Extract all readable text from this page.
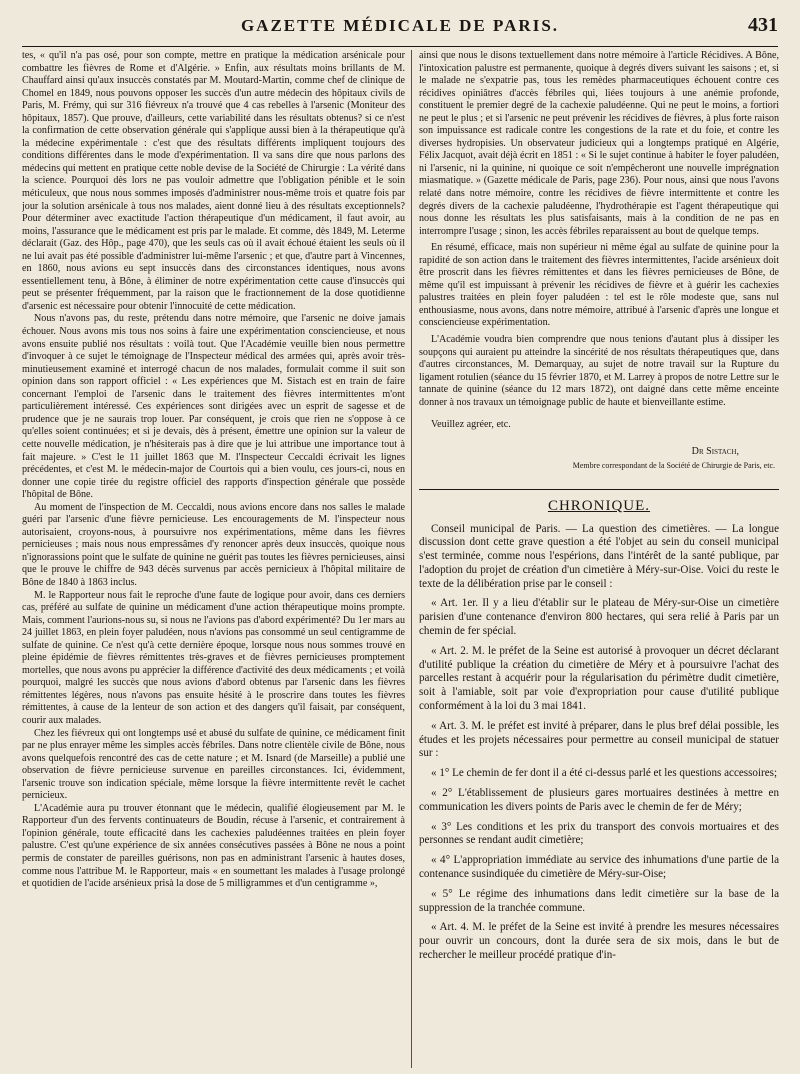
GAZETTE MÉDICALE DE PARIS.	431

tes, « qu'il n'a pas osé, pour son compte, mettre en pratique la médication arsénicale pour combattre les fièvres de Rome et d'Algérie. » Enfin, aux résultats moins brillants de M. Chauffard ainsi qu'aux insuccès constatés par M. Moutard-Martin, comme chef de clinique de Chomel en 1849, nous pouvons opposer les succès d'un autre médecin des hôpitaux civils de Paris, M. Frémy, qui sur 316 fiévreux n'a trouvé que 4 cas rebelles à l'arsenic (Moniteur des hôpitaux, 1857). Que prouve, d'ailleurs, cette variabilité dans les résultats obtenus? si ce n'est la confirmation de cette observation générale qui s'applique aussi bien à la thérapeutique qu'à la médecine expérimentale : c'est que des résultats différents impliquent toujours des conditions différentes dans le mode d'expérimentation. Il va sans dire que nous parlons des médecins qui mettent en pratique cette noble devise de la Société de Chirurgie : La vérité dans la science. Pourquoi dès lors ne pas vouloir admettre que l'obligation pénible et le soin méticuleux, que nous nous sommes imposés d'administrer nous-même trois et quatre fois par jour la solution arsénicale à tous nos malades, aient donné lieu à des résultats exceptionnels? Pour déterminer avec exactitude l'action thérapeutique d'un médicament, il faut avoir, au moins, l'assurance que le médicament est pris par le malade. Et comme, dès 1849, M. Leterme déclarait (Gaz. des Hôp., page 470), que les seuls cas où il avait échoué étaient les seuls où il ne lui avait pas été possible d'administrer lui-même l'arsenic ; et que, d'autre part à Vincennes, en 1860, nous avions eu sept insuccès dans des circonstances identiques, nous avons essentiellement tenu, à Bône, à éliminer de notre expérimentation cette cause d'insuccès qui peut se présenter fréquemment, par la raison que le fractionnement de la dose quotidienne d'arsenic est nécessaire pour obtenir l'innocuité de cette médication.

Nous n'avons pas, du reste, prétendu dans notre mémoire, que l'arsenic ne doive jamais échouer. Nous avons mis tous nos soins à faire une expérimentation consciencieuse, et nous avons ensuite publié nos résultats : voilà tout. Que l'Académie veuille bien nous permettre d'invoquer à ce sujet le témoignage de l'Inspecteur médical des armées qui, après avoir très-minutieusement examiné et interrogé chacun de nos malades, formulait comme il suit son opinion dans son rapport officiel : « Les expériences que M. Sistach est en train de faire concernant l'emploi de l'arsenic dans le traitement des fièvres intermittentes m'ont particulièrement intéressé. Ces expériences sont dirigées avec un esprit de sagesse et de prudence que je ne saurais trop louer. Par conséquent, je crois que rien ne s'oppose à ce qu'elles soient continuées; et si je devais, dès à présent, émettre une opinion sur la valeur de cette nouvelle médication, je n'hésiterais pas à dire que je lui attribue une importance tout à fait majeure. » C'est le 11 juillet 1863 que M. l'Inspecteur Ceccaldi écrivait les lignes précédentes, et c'est M. le médecin-major de Courtois qui a bien voulu, ces jours-ci, nous en donner une copie tirée du registre officiel des rapports d'inspection générale que possède l'hôpital de Bône.

Au moment de l'inspection de M. Ceccaldi, nous avions encore dans nos salles le malade guéri par l'arsenic d'une fièvre pernicieuse. Les encouragements de M. l'inspecteur nous autorisaient, croyons-nous, à poursuivre nos expérimentations, même dans les fièvres pernicieuses ; mais nous nous empressâmes d'y renoncer après deux insuccès, quoique nous n'ignorassions point que le sulfate de quinine ne guérit pas toutes les fièvres pernicieuses, ainsi que le prouve le chiffre de 943 décès survenus par accès pernicieux à l'hôpital militaire de Bône de 1840 à 1863 inclus.

M. le Rapporteur nous fait le reproche d'une faute de logique pour avoir, dans ces derniers cas, préféré au sulfate de quinine un médicament d'une action thérapeutique moins prompte. Mais, comment l'aurions-nous su, si nous ne l'avions pas d'abord expérimenté? Du 1er mars au 24 juillet 1863, en plein foyer paludéen, nous n'avions pas consommé un seul centigramme de sulfate de quinine. Ce n'est qu'à cette dernière époque, lorsque nous nous sommes trouvé en pleine épidémie de fièvres rémittentes très-graves et de fièvres pernicieuses promptement mortelles, que nous avons pu apprécier la différence d'activité des deux médicaments ; et voilà pourquoi, malgré les succès que nous avions d'abord obtenus par l'arsenic dans les fièvres rémittentes légères, nous n'avons pas ensuite hésité à le proscrire dans toutes les fièvres rémittentes, à cause de la lenteur de son action et des dangers qu'il faisait, par conséquent, courir aux malades.

Chez les fiévreux qui ont longtemps usé et abusé du sulfate de quinine, ce médicament finit par ne plus enrayer même les simples accès fébriles. Dans notre clientèle civile de Bône, nous avons quelquefois rencontré des cas de cette nature ; et M. Isnard (de Marseille) a publié une observation de fièvre pernicieuse survenue en pareilles circonstances. Ici, évidemment, l'arsenic trouve son indication spéciale, même lorsque la fièvre intermittente revêt le cachet pernicieux.

L'Académie aura pu trouver étonnant que le médecin, qualifié élogieusement par M. le Rapporteur d'un des fervents continuateurs de Boudin, récuse à l'arsenic, et contrairement à l'opinion générale, toute efficacité dans les cachexies paludéennes traitées en plein foyer palustre. C'est qu'une expérience de six années consécutives passées à Bône ne nous a point permis de constater de pareilles guérisons, non pas en administrant l'arsenic à hautes doses, comme nous l'attribue M. le Rapporteur, mais « en soumettant les malades à l'usage prolongé et quotidien de l'acide arsénieux prisà la dose de 5 milligrammes et d'un centigramme »,

ainsi que nous le disons textuellement dans notre mémoire à l'article Récidives. A Bône, l'intoxication palustre est permanente, quoique à degrés divers suivant les saisons ; et, si le malade ne s'expatrie pas, tous les remèdes pharmaceutiques échouent contre ces récidives opiniâtres d'accès fébriles qui, liées toujours à une anémie profonde, constituent le premier degré de la cachexie paludéenne. Qui ne peut le moins, a fortiori ne peut le plus ; et si l'arsenic ne peut prévenir les récidives de fièvres, à plus forte raison son impuissance est radicale contre les congestions de la rate et du foie, et contre les diverses hydropisies. Un observateur judicieux qui a longtemps pratiqué en Algérie, Félix Jacquot, avait déjà écrit en 1851 : « Si le sujet continue à habiter le foyer paludéen, ni l'arsenic, ni la quinine, ni quoique ce soit n'empêcheront une nouvelle imprégnation miasmatique. » (Gazette médicale de Paris, page 236). Pour nous, ainsi que nous l'avons relaté dans notre mémoire, contre les récidives de fièvre intermittente et contre les degrés divers de la cachexie paludéenne, l'hydrothérapie est l'agent thérapeutique qui nous donne les résultats les plus satisfaisants, mais à la condition de ne pas en interrompre l'usage ; sinon, les accès fébriles reparaissent au bout de quelque temps.

En résumé, efficace, mais non supérieur ni même égal au sulfate de quinine pour la rapidité de son action dans le traitement des fièvres intermittentes, l'acide arsénieux doit être proscrit dans les fièvres rémittentes et dans les fièvres pernicieuses de Bône, de même qu'il est impuissant à prévenir les récidives de fièvre et à guérir les cachexies palustres traitées en plein foyer paludéen : tel est le rôle modeste que, sans nul enthousiasme, nous avons, dans notre mémoire, attribué à l'arsenic d'après une longue et consciencieuse expérimentation.

L'Académie voudra bien comprendre que nous tenions d'autant plus à dissiper les soupçons qui auraient pu atteindre la sincérité de nos résultats thérapeutiques que, dans d'autres circonstances, M. Demarquay, au sujet de notre travail sur la Rupture du ligament rotulien (séance du 15 février 1870, et M. Larrey à propos de notre Lettre sur le tannate de quinine (séance du 12 mars 1872), ont daigné dans cette même enceinte donner à nos travaux un témoignage public de haute et bienveillante estime.

Veuillez agréer, etc.

Dr Sistach,

Membre correspondant de la Société de Chirurgie de Paris, etc.

CHRONIQUE.

Conseil municipal de Paris. — La question des cimetières. — La longue discussion dont cette grave question a été l'objet au sein du conseil municipal s'est terminée, comme nous l'espérions, dans l'intérêt de la santé publique, par l'adoption du projet de création d'un cimetière à Méry-sur-Oise. Voici du reste le texte de la délibération prise par le conseil :

« Art. 1er. Il y a lieu d'établir sur le plateau de Méry-sur-Oise un cimetière parisien d'une contenance d'environ 800 hectares, qui sera relié à Paris par un chemin de fer spécial.

« Art. 2. M. le préfet de la Seine est autorisé à provoquer un décret déclarant d'utilité publique la création du cimetière de Méry et à poursuivre l'achat des parcelles restant à acquérir pour la régularisation du périmètre dudit cimetière, soit à l'amiable, soit par voie d'expropriation pour cause d'utilité publique conformément à la loi du 3 mai 1841.

« Art. 3. M. le préfet est invité à préparer, dans le plus bref délai possible, les études et les projets nécessaires pour permettre au conseil municipal de statuer sur :

« 1° Le chemin de fer dont il a été ci-dessus parlé et les questions accessoires;

« 2° L'établissement de plusieurs gares mortuaires destinées à mettre en communication les divers points de Paris avec le chemin de fer de Méry;

« 3° Les conditions et les prix du transport des convois mortuaires et des personnes se rendant audit cimetière;

« 4° L'appropriation immédiate au service des inhumations d'une partie de la contenance susindiquée du cimetière de Méry-sur-Oise;

« 5° Le régime des inhumations dans ledit cimetière sur la base de la suppression de la tranchée commune.

« Art. 4. M. le préfet de la Seine est invité à prendre les mesures nécessaires pour ouvrir un concours, dont la durée sera de six mois, dans le but de rechercher le meilleur procédé pratique d'in-
